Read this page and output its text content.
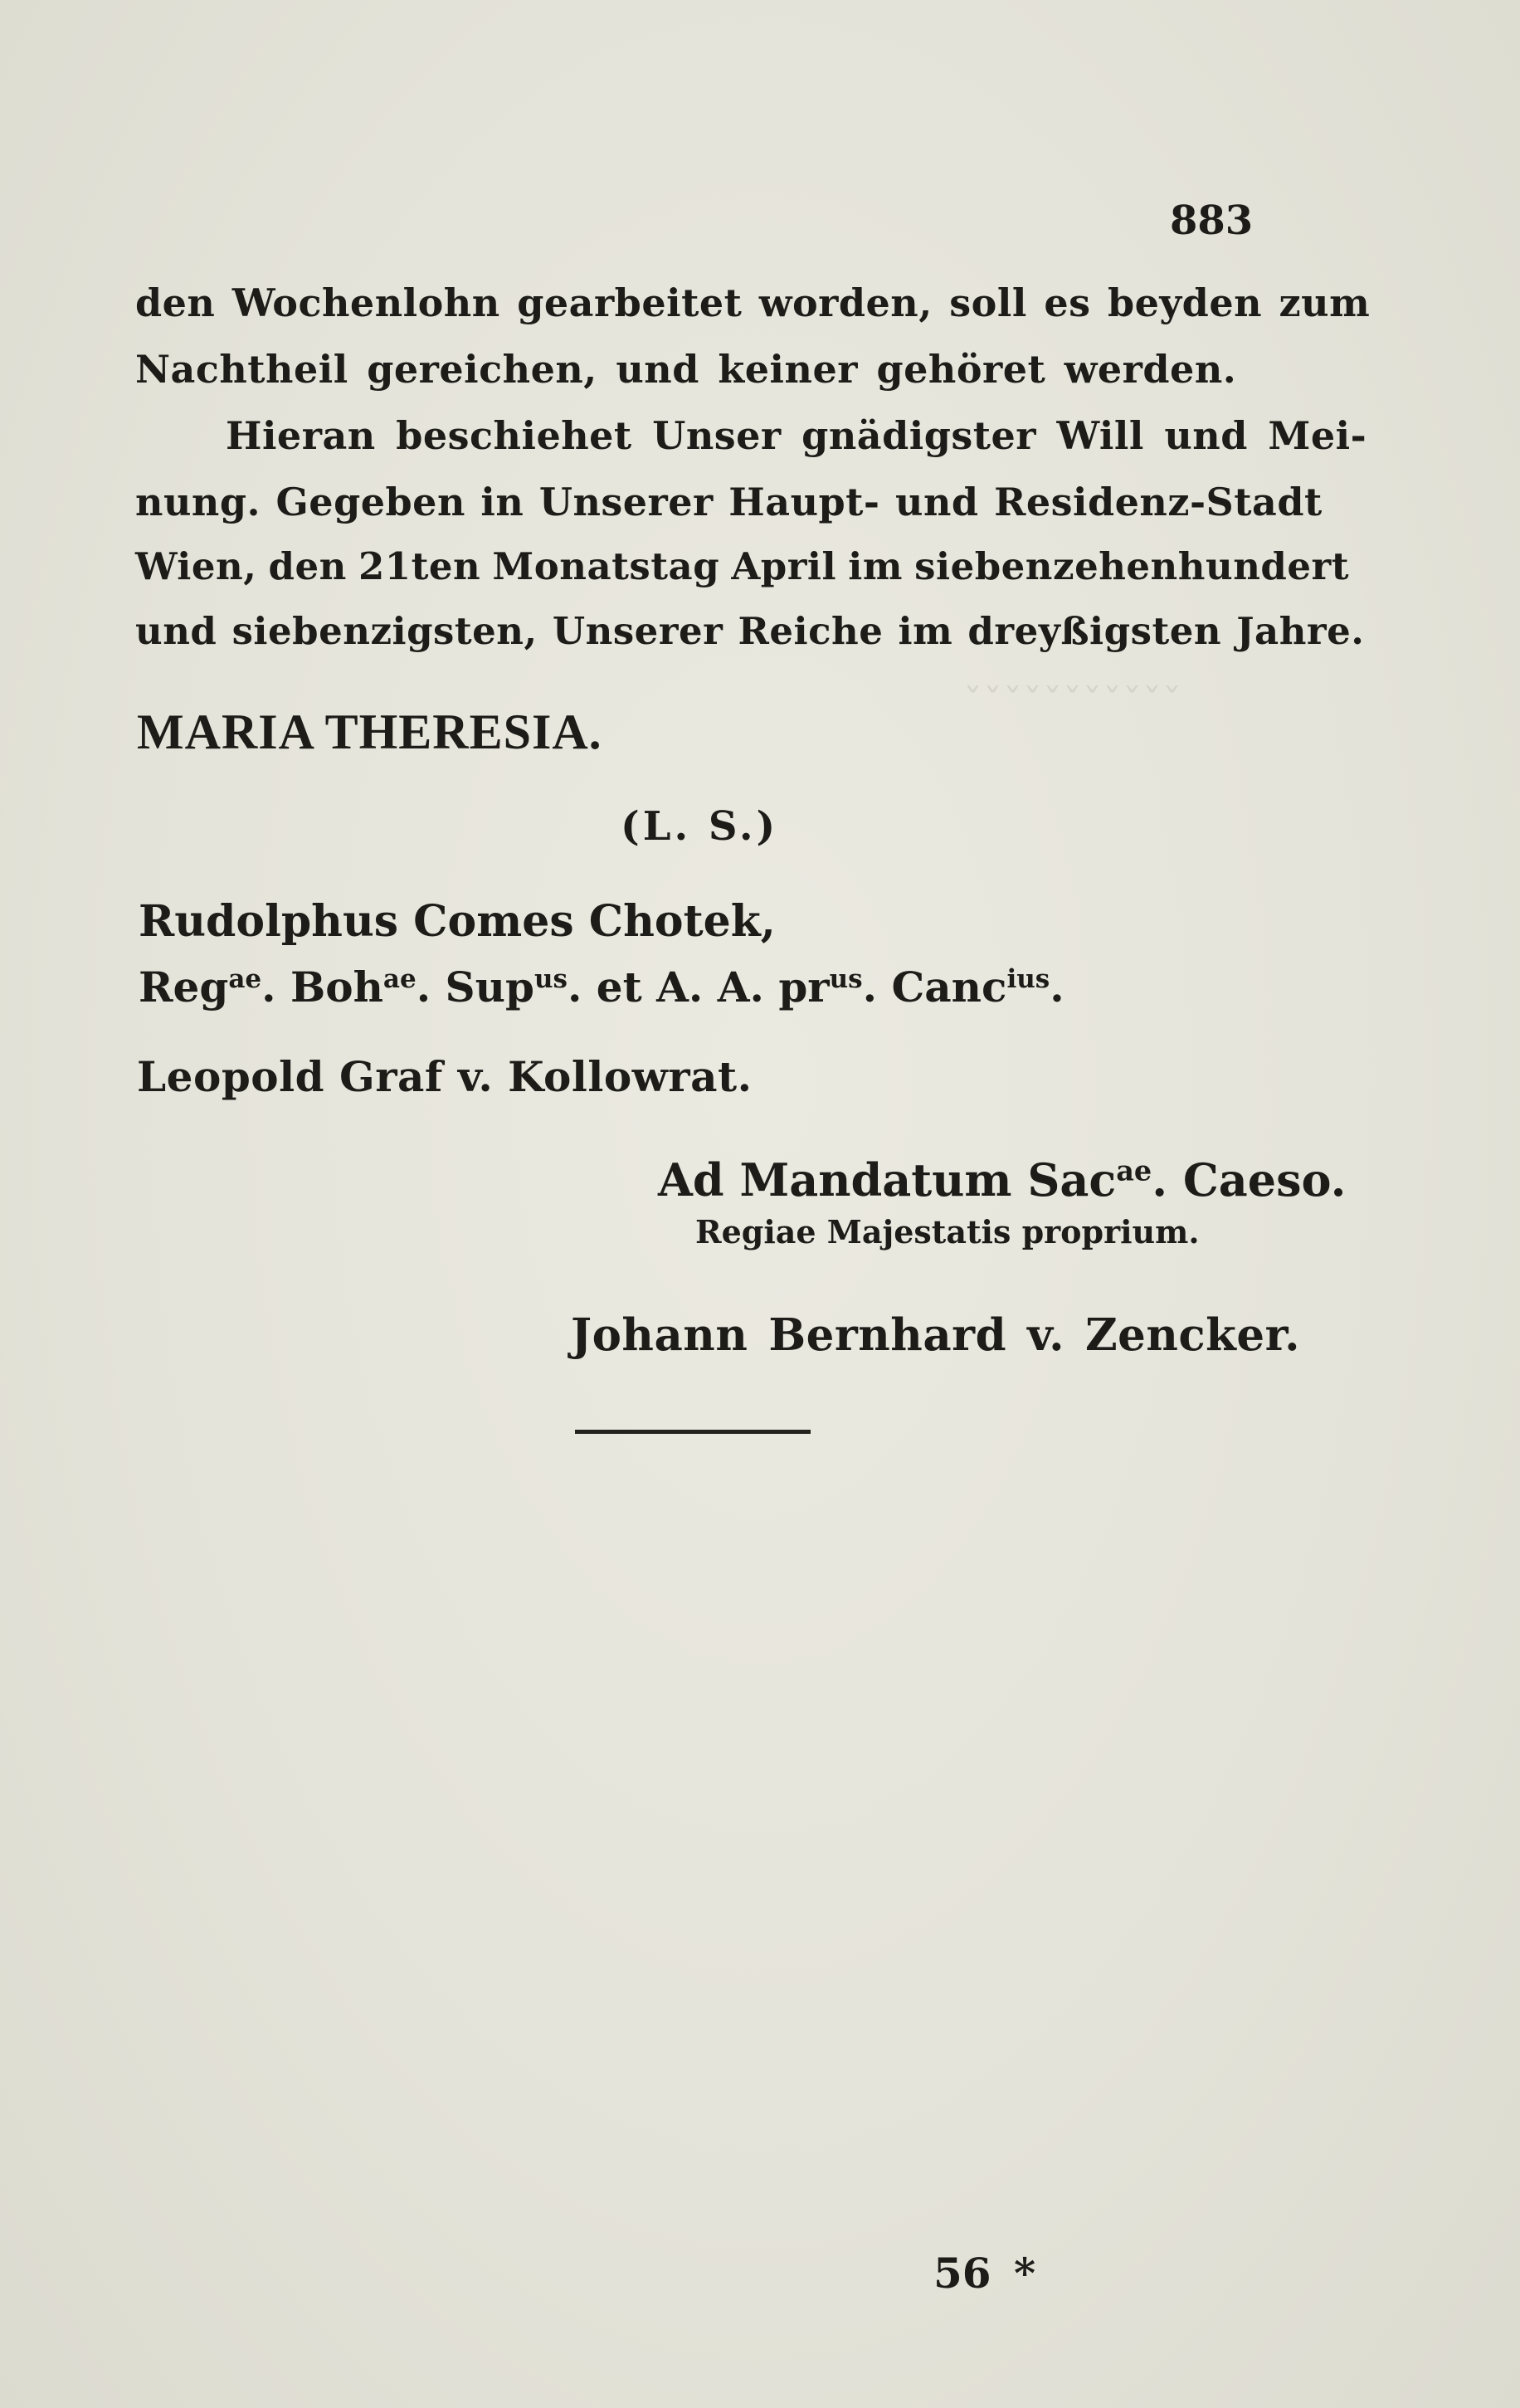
ˇˇˇˇˇˇˇˇˇˇˇ
883
den Wochenlohn gearbeitet worden, soll es beyden zum
Nachtheil gereichen, und keiner gehöret werden.
Hieran beschiehet Unser gnädigster Will und Mei-
nung. Gegeben in Unserer Haupt- und Residenz-Stadt
Wien, den 21ten Monatstag April im siebenzehenhundert
und siebenzigsten, Unserer Reiche im dreyßigsten Jahre.
MARIA THERESIA.
(L. S.)
Rudolphus Comes Chotek,
Reg$^{ae}$. Boh$^{ae}$. Sup$^{us}$. et A. A. $pr^{us}$. Canc$^{ius}$.
Leopold Graf v. Kollowrat.
Ad Mandatum Sac$^{ae}$. Caeso.
Regiae Majestatis proprium.
Johann Bernhard v. Zencker.
56 *
